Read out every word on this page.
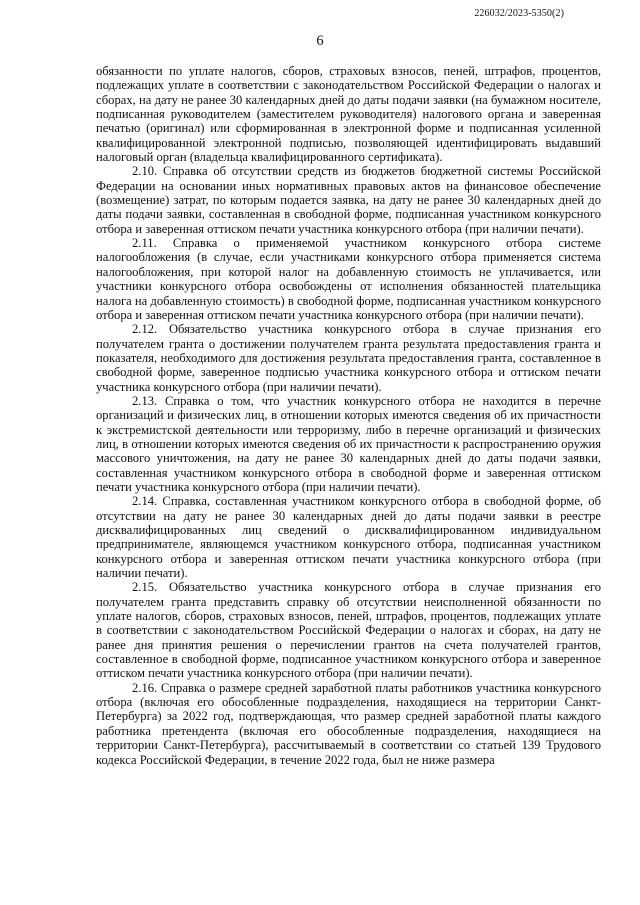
226032/2023-5350(2)
6

обязанности по уплате налогов, сборов, страховых взносов, пеней, штрафов, процентов, подлежащих уплате в соответствии с законодательством Российской Федерации о налогах и сборах, на дату не ранее 30 календарных дней до даты подачи заявки (на бумажном носителе, подписанная руководителем (заместителем руководителя) налогового органа и заверенная печатью (оригинал) или сформированная в электронной форме и подписанная усиленной квалифицированной электронной подписью, позволяющей идентифицировать выдавший налоговый орган (владельца квалифицированного сертификата).

2.10. Справка об отсутствии средств из бюджетов бюджетной системы Российской Федерации на основании иных нормативных правовых актов на финансовое обеспечение (возмещение) затрат, по которым подается заявка, на дату не ранее 30 календарных дней до даты подачи заявки, составленная в свободной форме, подписанная участником конкурсного отбора и заверенная оттиском печати участника конкурсного отбора (при наличии печати).

2.11. Справка о применяемой участником конкурсного отбора системе налогообложения (в случае, если участниками конкурсного отбора применяется система налогообложения, при которой налог на добавленную стоимость не уплачивается, или участники конкурсного отбора освобождены от исполнения обязанностей плательщика налога на добавленную стоимость) в свободной форме, подписанная участником конкурсного отбора и заверенная оттиском печати участника конкурсного отбора (при наличии печати).

2.12. Обязательство участника конкурсного отбора в случае признания его получателем гранта о достижении получателем гранта результата предоставления гранта и показателя, необходимого для достижения результата предоставления гранта, составленное в свободной форме, заверенное подписью участника конкурсного отбора и оттиском печати участника конкурсного отбора (при наличии печати).

2.13. Справка о том, что участник конкурсного отбора не находится в перечне организаций и физических лиц, в отношении которых имеются сведения об их причастности к экстремистской деятельности или терроризму, либо в перечне организаций и физических лиц, в отношении которых имеются сведения об их причастности к распространению оружия массового уничтожения, на дату не ранее 30 календарных дней до даты подачи заявки, составленная участником конкурсного отбора в свободной форме и заверенная оттиском печати участника конкурсного отбора (при наличии печати).

2.14. Справка, составленная участником конкурсного отбора в свободной форме, об отсутствии на дату не ранее 30 календарных дней до даты подачи заявки в реестре дисквалифицированных лиц сведений о дисквалифицированном индивидуальном предпринимателе, являющемся участником конкурсного отбора, подписанная участником конкурсного отбора и заверенная оттиском печати участника конкурсного отбора (при наличии печати).

2.15. Обязательство участника конкурсного отбора в случае признания его получателем гранта представить справку об отсутствии неисполненной обязанности по уплате налогов, сборов, страховых взносов, пеней, штрафов, процентов, подлежащих уплате в соответствии с законодательством Российской Федерации о налогах и сборах, на дату не ранее дня принятия решения о перечислении грантов на счета получателей грантов, составленное в свободной форме, подписанное участником конкурсного отбора и заверенное оттиском печати участника конкурсного отбора (при наличии печати).

2.16. Справка о размере средней заработной платы работников участника конкурсного отбора (включая его обособленные подразделения, находящиеся на территории Санкт-Петербурга) за 2022 год, подтверждающая, что размер средней заработной платы каждого работника претендента (включая его обособленные подразделения, находящиеся на территории Санкт-Петербурга), рассчитываемый в соответствии со статьей 139 Трудового кодекса Российской Федерации, в течение 2022 года, был не ниже размера
